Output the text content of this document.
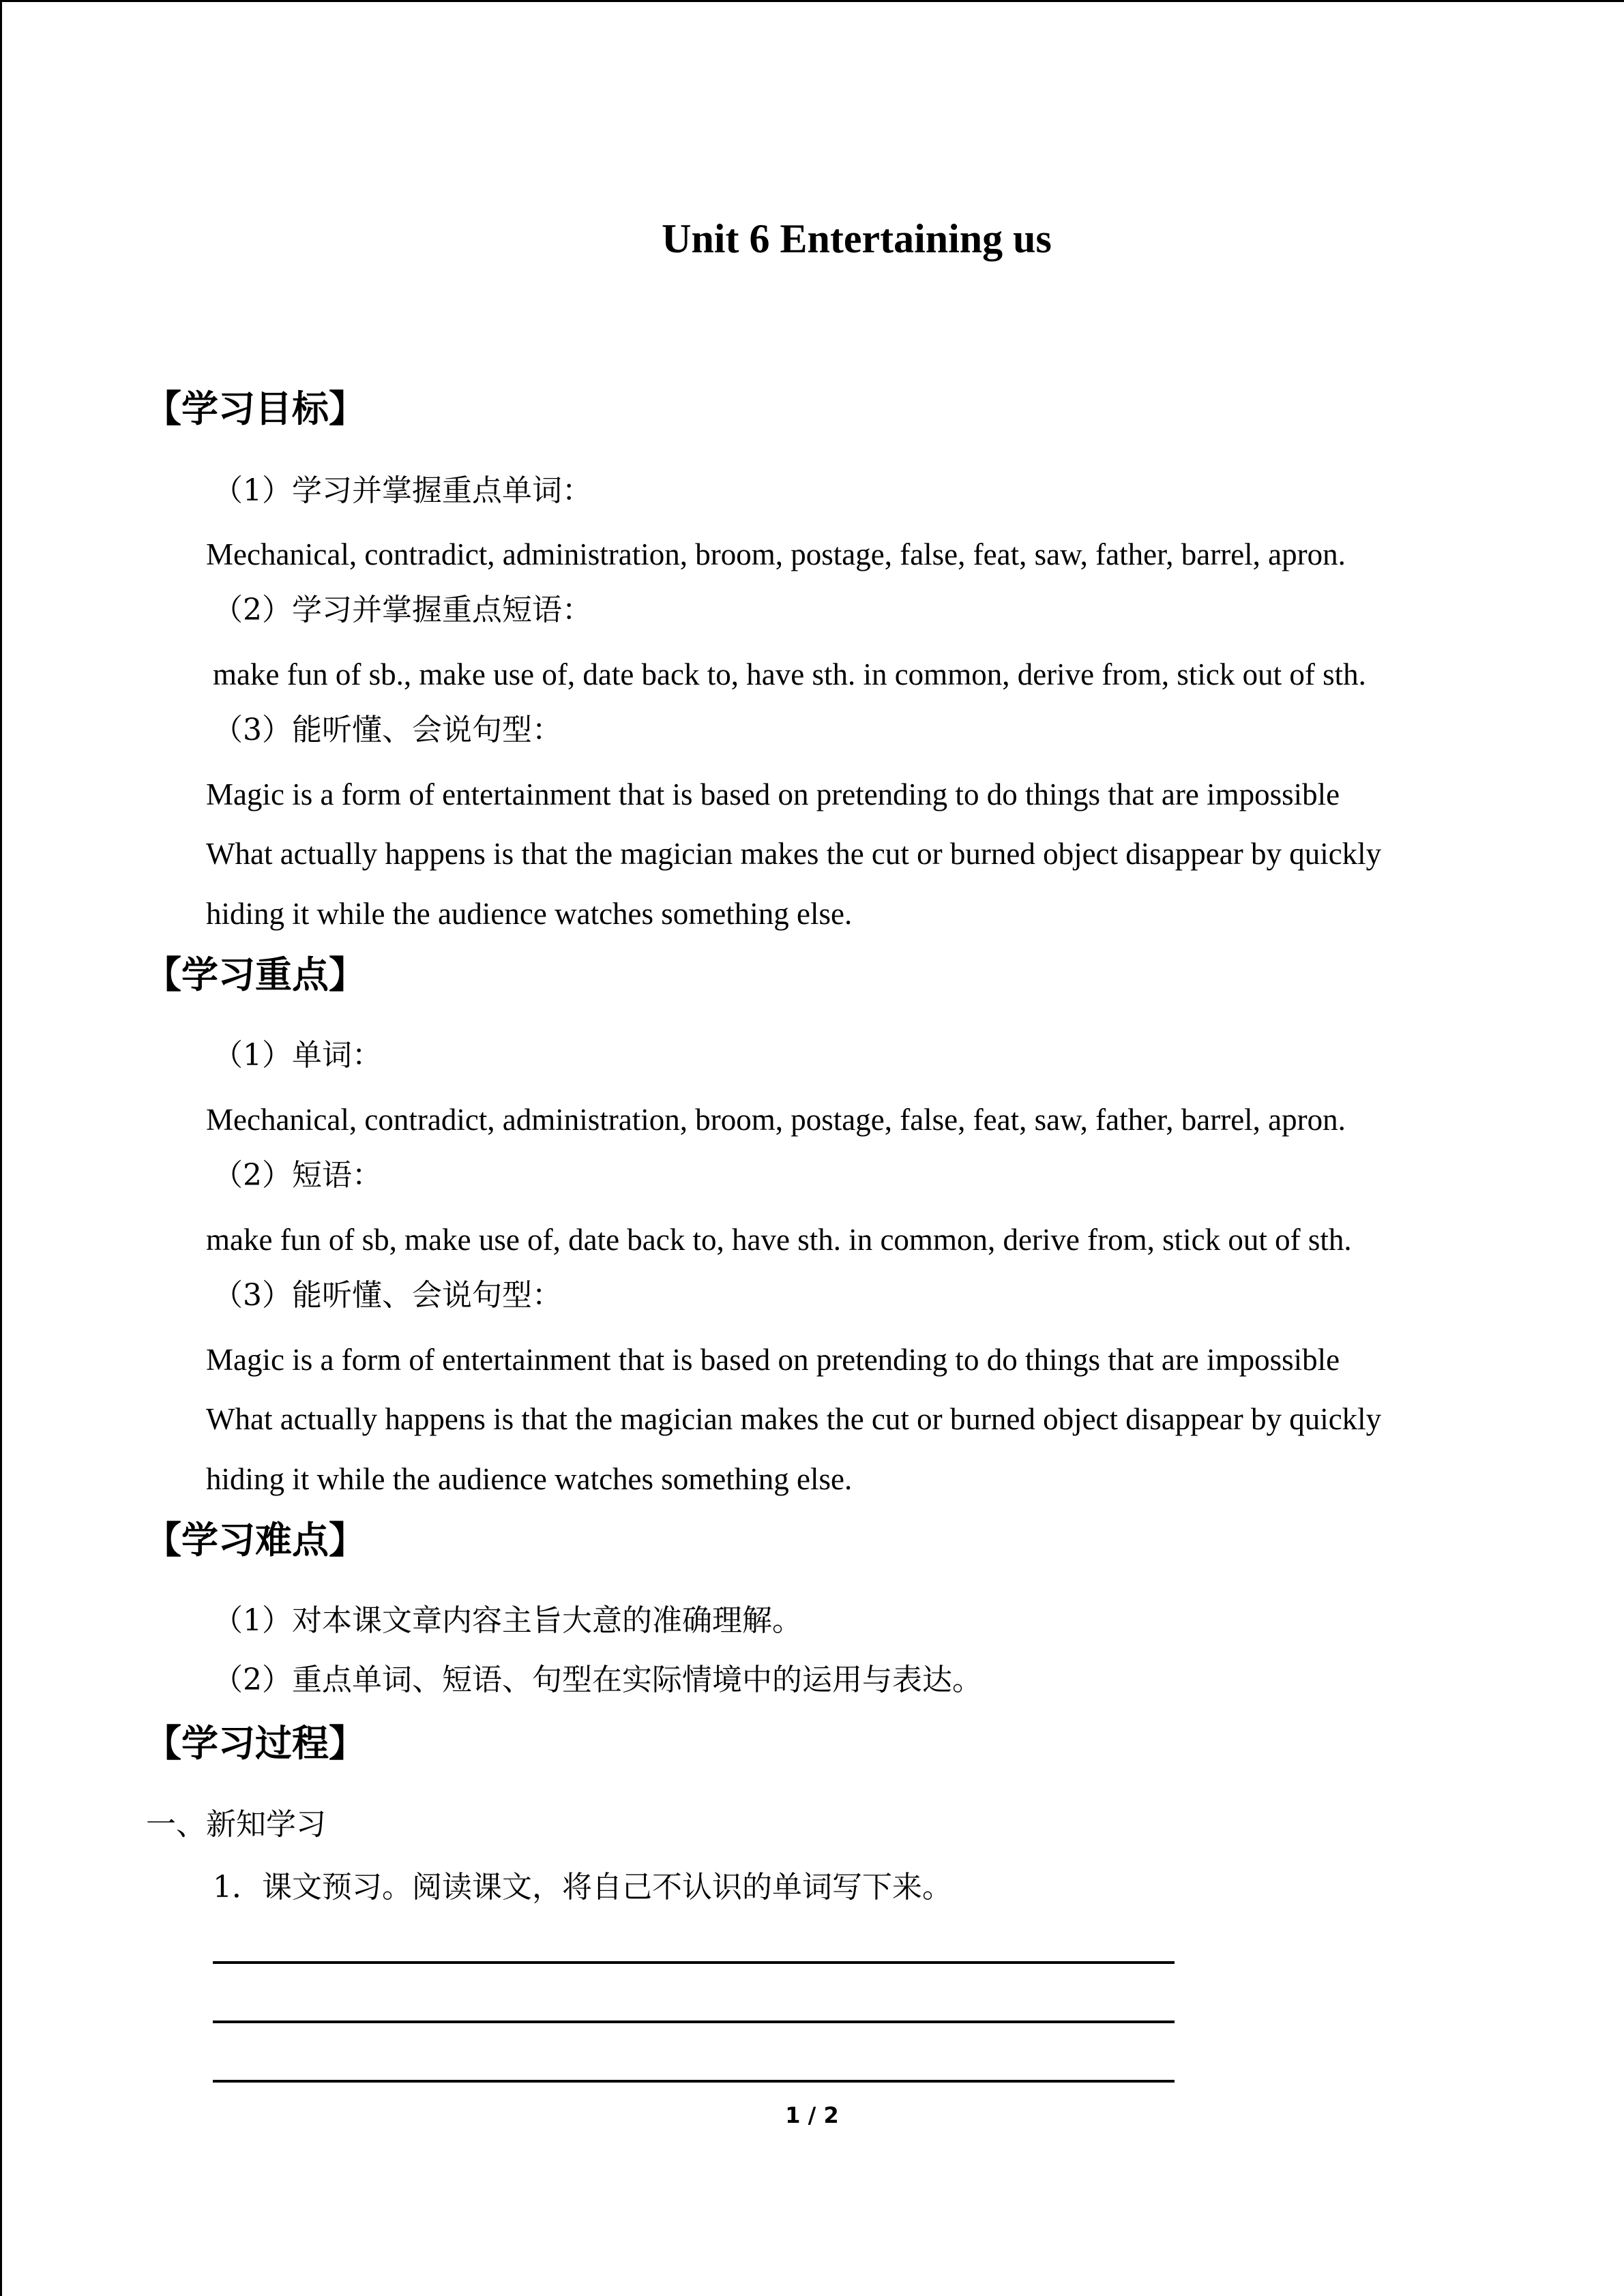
Unit 6 Entertaining us
【学习目标】
（1）学习并掌握重点单词：
Mechanical, contradict, administration, broom, postage, false, feat, saw, father, barrel, apron.
（2）学习并掌握重点短语：
make fun of sb., make use of, date back to, have sth. in common, derive from, stick out of sth.
（3）能听懂、会说句型：
Magic is a form of entertainment that is based on pretending to do things that are impossible
What actually happens is that the magician makes the cut or burned object disappear by quickly
hiding it while the audience watches something else.
【学习重点】
（1）单词：
Mechanical, contradict, administration, broom, postage, false, feat, saw, father, barrel, apron.
（2）短语：
make fun of sb, make use of, date back to, have sth. in common, derive from, stick out of sth.
（3）能听懂、会说句型：
Magic is a form of entertainment that is based on pretending to do things that are impossible
What actually happens is that the magician makes the cut or burned object disappear by quickly
hiding it while the audience watches something else.
【学习难点】
（1）对本课文章内容主旨大意的准确理解。
（2）重点单词、短语、句型在实际情境中的运用与表达。
【学习过程】
一、新知学习
1．课文预习。阅读课文，将自己不认识的单词写下来。
1 / 2
